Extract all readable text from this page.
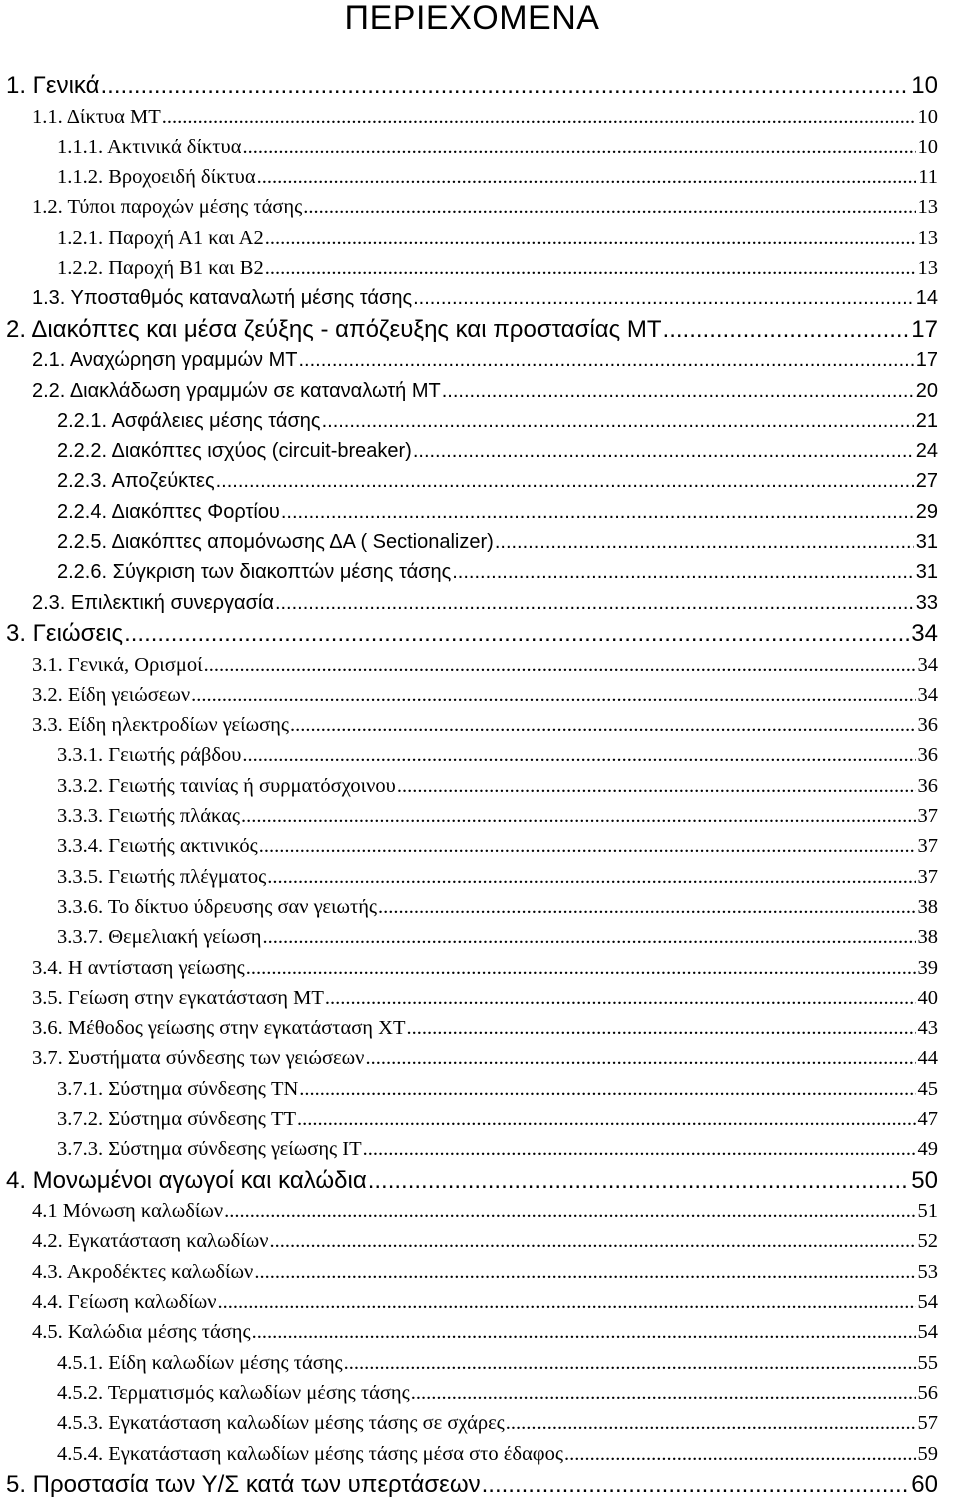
ΠΕΡΙΕΧΟΜΕΝΑ
1. Γενικά .....	10
1.1. Δίκτυα ΜΤ .....	10
1.1.1. Ακτινικά δίκτυα .....	10
1.1.2. Βροχοειδή δίκτυα .....	11
1.2. Τύποι παροχών μέσης τάσης .....	13
1.2.1. Παροχή Α1 και Α2 .....	13
1.2.2. Παροχή Β1 και Β2 .....	13
1.3. Υποσταθμός καταναλωτή μέσης τάσης .....	14
2. Διακόπτες και μέσα ζεύξης - απόζευξης και προστασίας ΜΤ .....	17
2.1. Αναχώρηση γραμμών ΜΤ .....	17
2.2. Διακλάδωση γραμμών σε καταναλωτή ΜΤ .....	20
2.2.1. Ασφάλειες μέσης τάσης .....	21
2.2.2. Διακόπτες ισχύος (circuit-breaker) .....	24
2.2.3. Αποζεύκτες .....	27
2.2.4. Διακόπτες Φορτίου .....	29
2.2.5. Διακόπτες απομόνωσης ΔΑ ( Sectionalizer) .....	31
2.2.6. Σύγκριση των διακοπτών μέσης τάσης .....	31
2.3. Επιλεκτική συνεργασία .....	33
3. Γειώσεις .....	34
3.1. Γενικά, Ορισμοί .....	34
3.2. Είδη γειώσεων .....	34
3.3. Είδη ηλεκτροδίων γείωσης .....	36
3.3.1. Γειωτής ράβδου .....	36
3.3.2. Γειωτής ταινίας ή συρματόσχοινου .....	36
3.3.3. Γειωτής πλάκας .....	37
3.3.4. Γειωτής ακτινικός .....	37
3.3.5. Γειωτής πλέγματος .....	37
3.3.6. Το δίκτυο ύδρευσης σαν γειωτής .....	38
3.3.7. Θεμελιακή γείωση .....	38
3.4. Η αντίσταση γείωσης .....	39
3.5. Γείωση στην εγκατάσταση ΜΤ .....	40
3.6. Μέθοδος γείωσης στην εγκατάσταση ΧΤ .....	43
3.7. Συστήματα σύνδεσης των γειώσεων .....	44
3.7.1. Σύστημα σύνδεσης TN .....	45
3.7.2. Σύστημα σύνδεσης TT .....	47
3.7.3. Σύστημα σύνδεσης γείωσης IT .....	49
4. Μονωμένοι αγωγοί και καλώδια .....	50
4.1 Μόνωση καλωδίων .....	51
4.2. Εγκατάσταση καλωδίων .....	52
4.3. Ακροδέκτες καλωδίων .....	53
4.4. Γείωση καλωδίων .....	54
4.5. Καλώδια μέσης τάσης .....	54
4.5.1. Είδη καλωδίων μέσης τάσης .....	55
4.5.2. Τερματισμός καλωδίων μέσης τάσης .....	56
4.5.3. Εγκατάσταση καλωδίων μέσης τάσης σε σχάρες .....	57
4.5.4. Εγκατάσταση καλωδίων μέσης τάσης μέσα στο έδαφος .....	59
5. Προστασία των Υ/Σ κατά των υπερτάσεων .....	60
